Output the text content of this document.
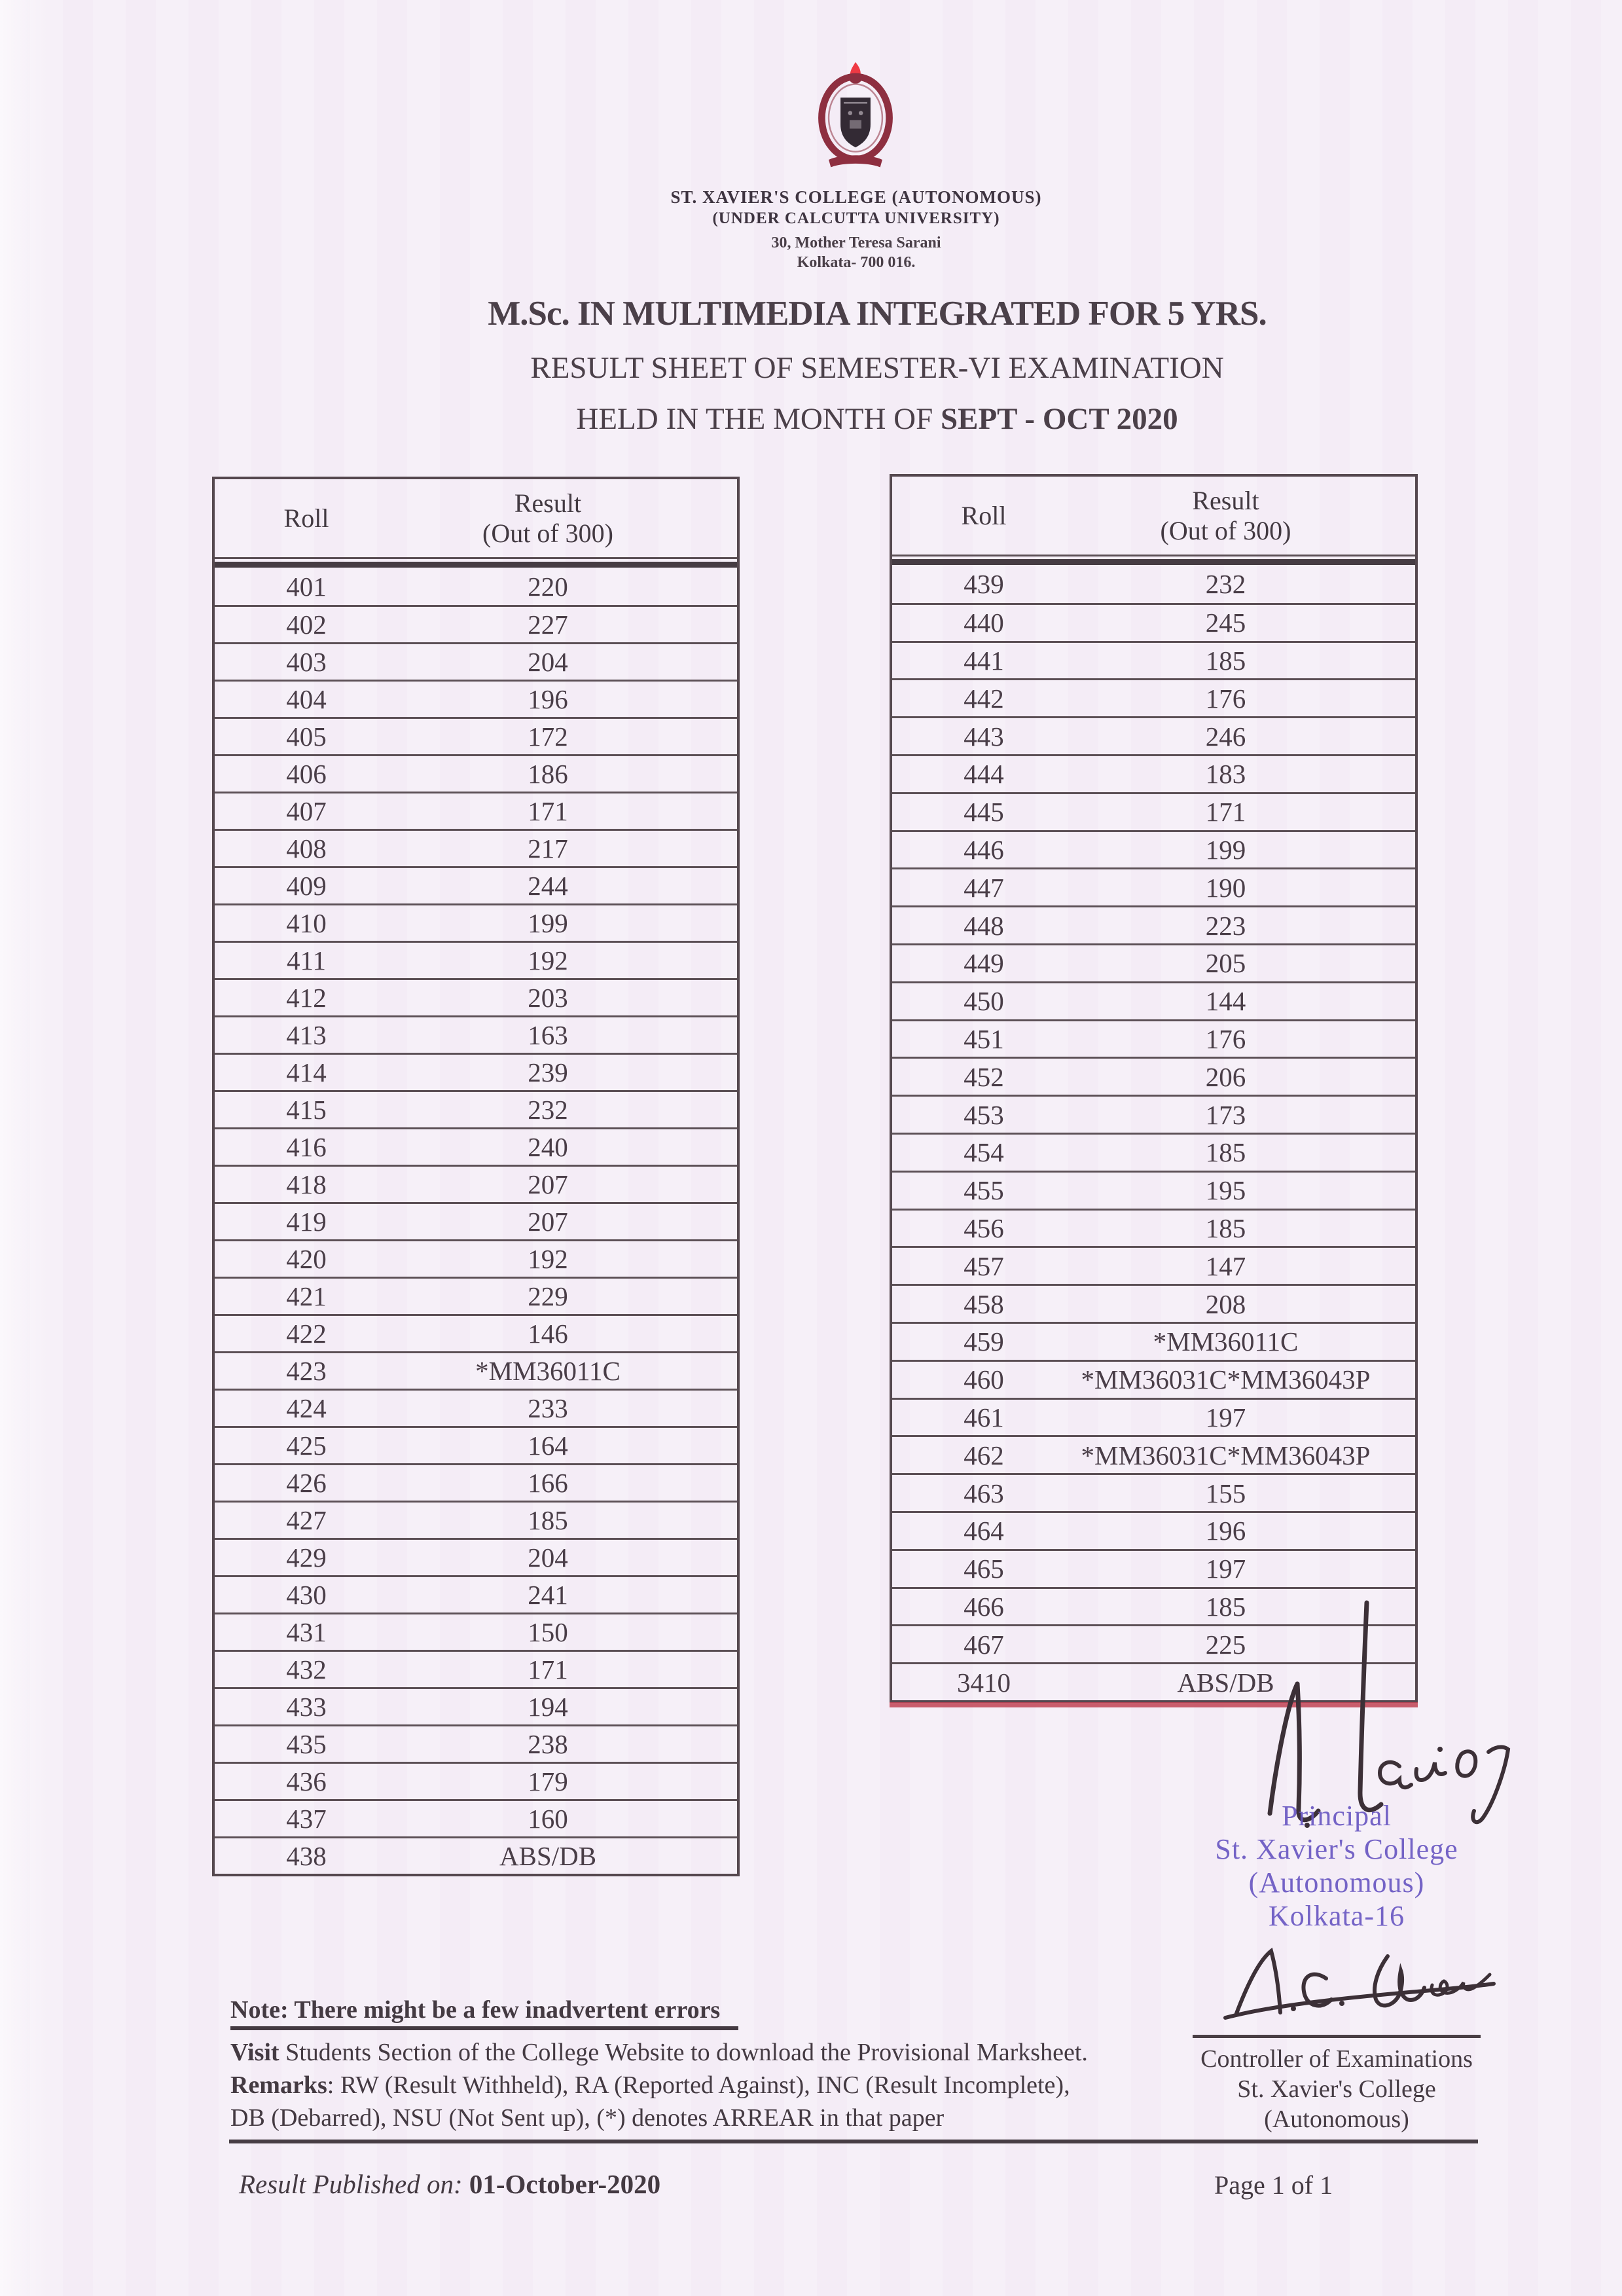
ST. XAVIER'S COLLEGE (AUTONOMOUS)
(UNDER CALCUTTA UNIVERSITY)
30, Mother Teresa Sarani
Kolkata- 700 016.
M.Sc. IN MULTIMEDIA INTEGRATED FOR 5 YRS.
RESULT SHEET OF SEMESTER-VI EXAMINATION
HELD IN THE MONTH OF SEPT - OCT 2020
Roll
Result
(Out of 300)
401	220
402	227
403	204
404	196
405	172
406	186
407	171
408	217
409	244
410	199
411	192
412	203
413	163
414	239
415	232
416	240
418	207
419	207
420	192
421	229
422	146
423	*MM36011C
424	233
425	164
426	166
427	185
429	204
430	241
431	150
432	171
433	194
435	238
436	179
437	160
438	ABS/DB
Roll
Result
(Out of 300)
439	232
440	245
441	185
442	176
443	246
444	183
445	171
446	199
447	190
448	223
449	205
450	144
451	176
452	206
453	173
454	185
455	195
456	185
457	147
458	208
459	*MM36011C
460	*MM36031C*MM36043P
461	197
462	*MM36031C*MM36043P
463	155
464	196
465	197
466	185
467	225
3410	ABS/DB
Principal
St. Xavier's College
(Autonomous)
Kolkata-16
Controller of Examinations
St. Xavier's College
(Autonomous)
Note: There might be a few inadvertent errors
Visit Students Section of the College Website to download the Provisional Marksheet.
Remarks: RW (Result Withheld), RA (Reported Against), INC (Result Incomplete),
DB (Debarred), NSU (Not Sent up), (*) denotes ARREAR in that paper
Result Published on: 01-October-2020	Page 1 of 1
